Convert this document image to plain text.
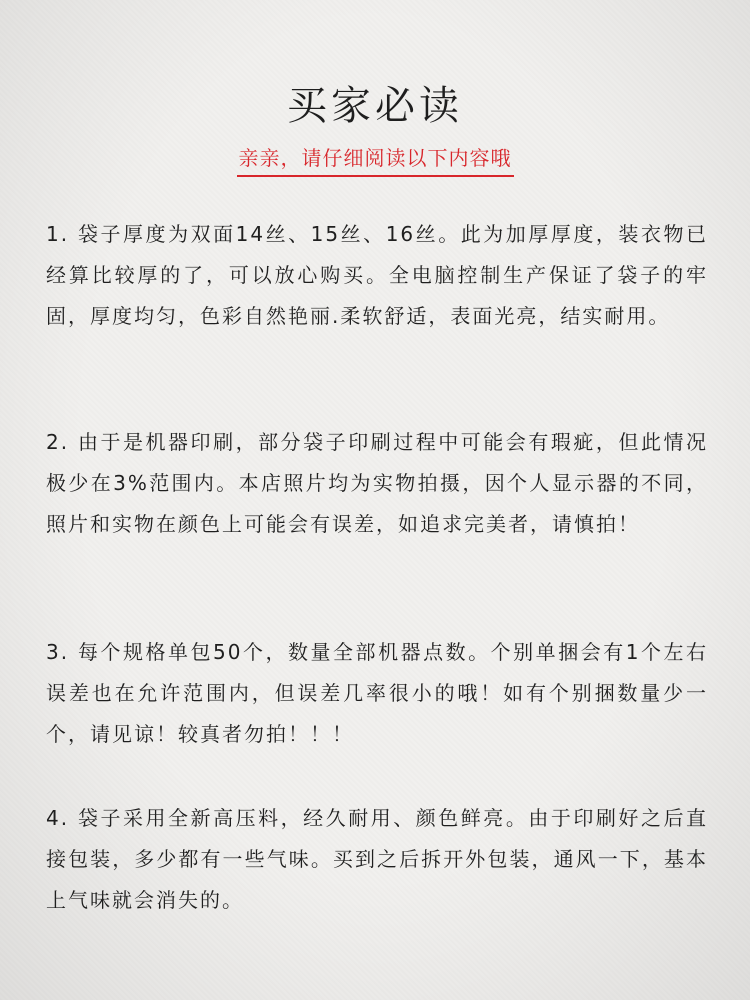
买家必读
亲亲，请仔细阅读以下内容哦
1. 袋子厚度为双面14丝、15丝、16丝。此为加厚厚度，装衣物已经算比较厚的了，可以放心购买。全电脑控制生产保证了袋子的牢固，厚度均匀，色彩自然艳丽.柔软舒适，表面光亮，结实耐用。
2. 由于是机器印刷，部分袋子印刷过程中可能会有瑕疵，但此情况极少在3%范围内。本店照片均为实物拍摄，因个人显示器的不同，照片和实物在颜色上可能会有误差，如追求完美者，请慎拍！
3. 每个规格单包50个，数量全部机器点数。个别单捆会有1个左右误差也在允许范围内，但误差几率很小的哦！如有个别捆数量少一个，请见谅！较真者勿拍！！！
4. 袋子采用全新高压料，经久耐用、颜色鲜亮。由于印刷好之后直接包装，多少都有一些气味。买到之后拆开外包装，通风一下，基本上气味就会消失的。
